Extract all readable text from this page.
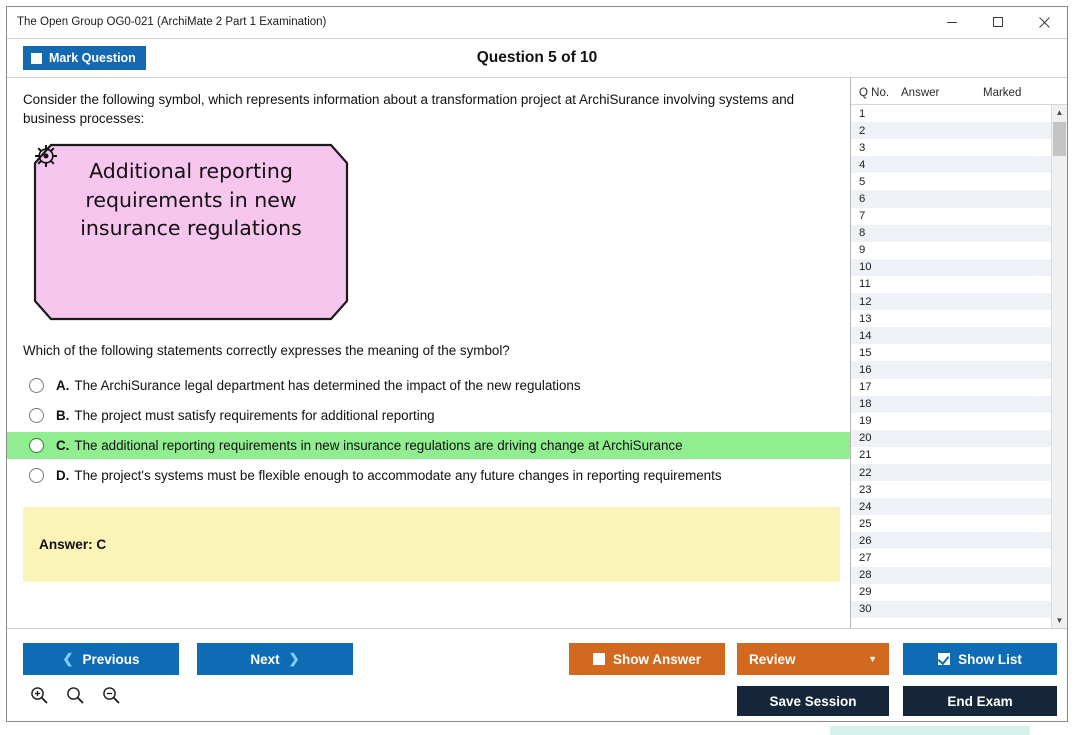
The Open Group OG0-021 (ArchiMate 2 Part 1 Examination)
Mark Question	Question 5 of 10
Consider the following symbol, which represents information about a transformation project at ArchiSurance involving systems and business processes:
Additional reporting requirements in new insurance regulations
Which of the following statements correctly expresses the meaning of the symbol?
A. The ArchiSurance legal department has determined the impact of the new regulations
B. The project must satisfy requirements for additional reporting
C. The additional reporting requirements in new insurance regulations are driving change at ArchiSurance
D. The project's systems must be flexible enough to accommodate any future changes in reporting requirements
Answer: C
Q No.	Answer	Marked
1
2
3
4
5
6
7
8
9
10
11
12
13
14
15
16
17
18
19
20
21
22
23
24
25
26
27
28
29
30
▲
▼
❮ Previous	Next ❯	Show Answer	Review	▼	Show List
Save Session	End Exam
